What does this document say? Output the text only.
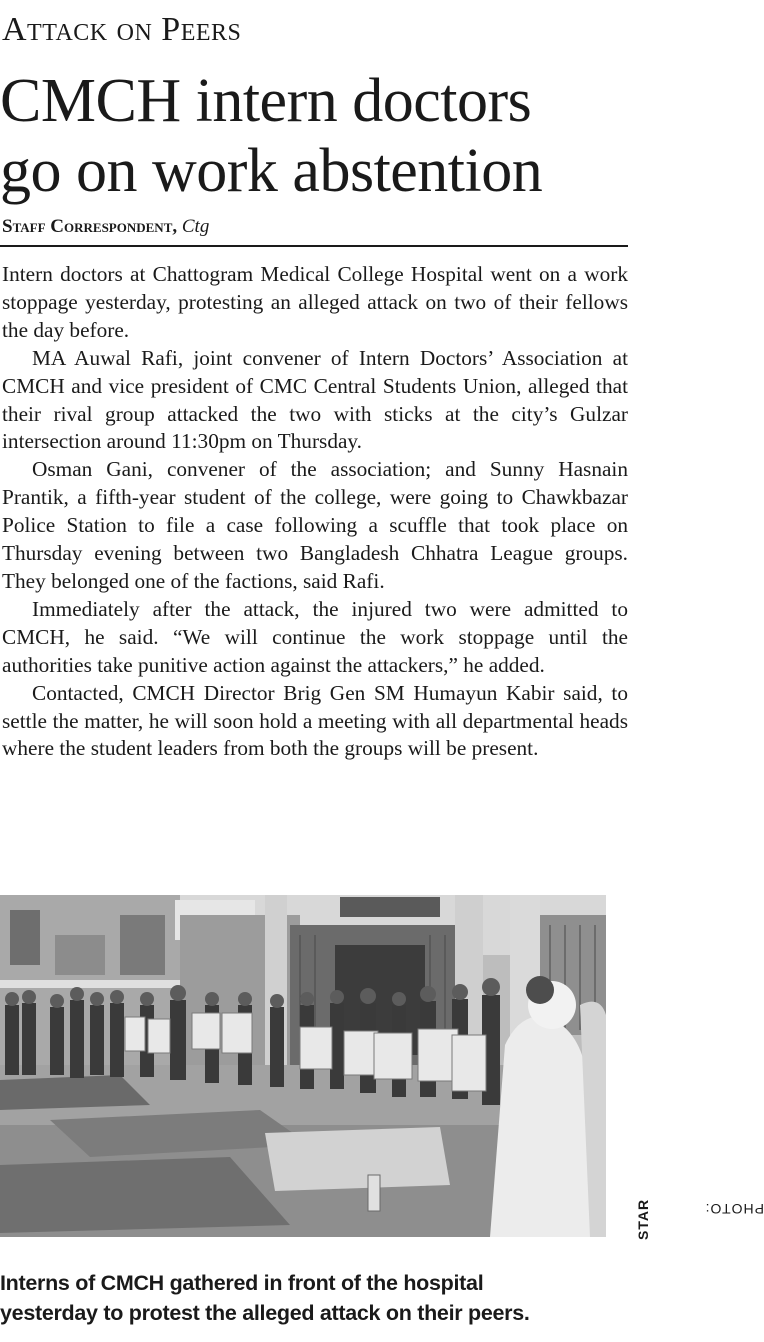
Attack on Peers
CMCH intern doctors
go on work abstention
Staff Correspondent, Ctg

Intern doctors at Chattogram Medical College Hospital went on a work stoppage yesterday, protesting an alleged attack on two of their fellows the day before.

MA Auwal Rafi, joint convener of Intern Doctors’ Association at CMCH and vice president of CMC Central Students Union, alleged that their rival group attacked the two with sticks at the city’s Gulzar intersection around 11:30pm on Thursday.

Osman Gani, convener of the association; and Sunny Hasnain Prantik, a fifth-year student of the college, were going to Chawkbazar Police Station to file a case following a scuffle that took place on Thursday evening between two Bangladesh Chhatra League groups. They belonged one of the factions, said Rafi.

Immediately after the attack, the injured two were admitted to CMCH, he said. “We will continue the work stoppage until the authorities take punitive action against the attackers,” he added.

Contacted, CMCH Director Brig Gen SM Humayun Kabir said, to settle the matter, he will soon hold a meeting with all departmental heads where the student leaders from both the groups will be present.

PHOTO:
STAR
Interns of CMCH gathered in front of the hospital
yesterday to protest the alleged attack on their peers.
